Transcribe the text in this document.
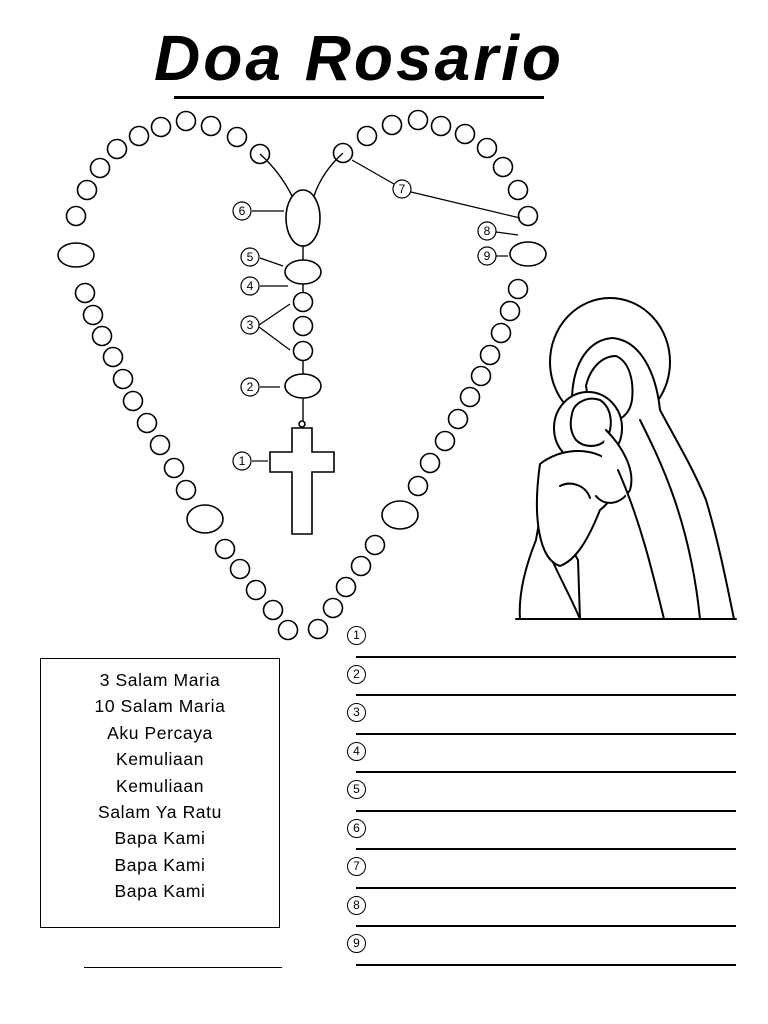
Doa Rosario
1
2
3
4
5
6
7
8
9
3 Salam Maria
10 Salam Maria
Aku Percaya
Kemuliaan
Kemuliaan
Salam Ya Ratu
Bapa Kami
Bapa Kami
Bapa Kami
1
2
3
4
5
6
7
8
9
